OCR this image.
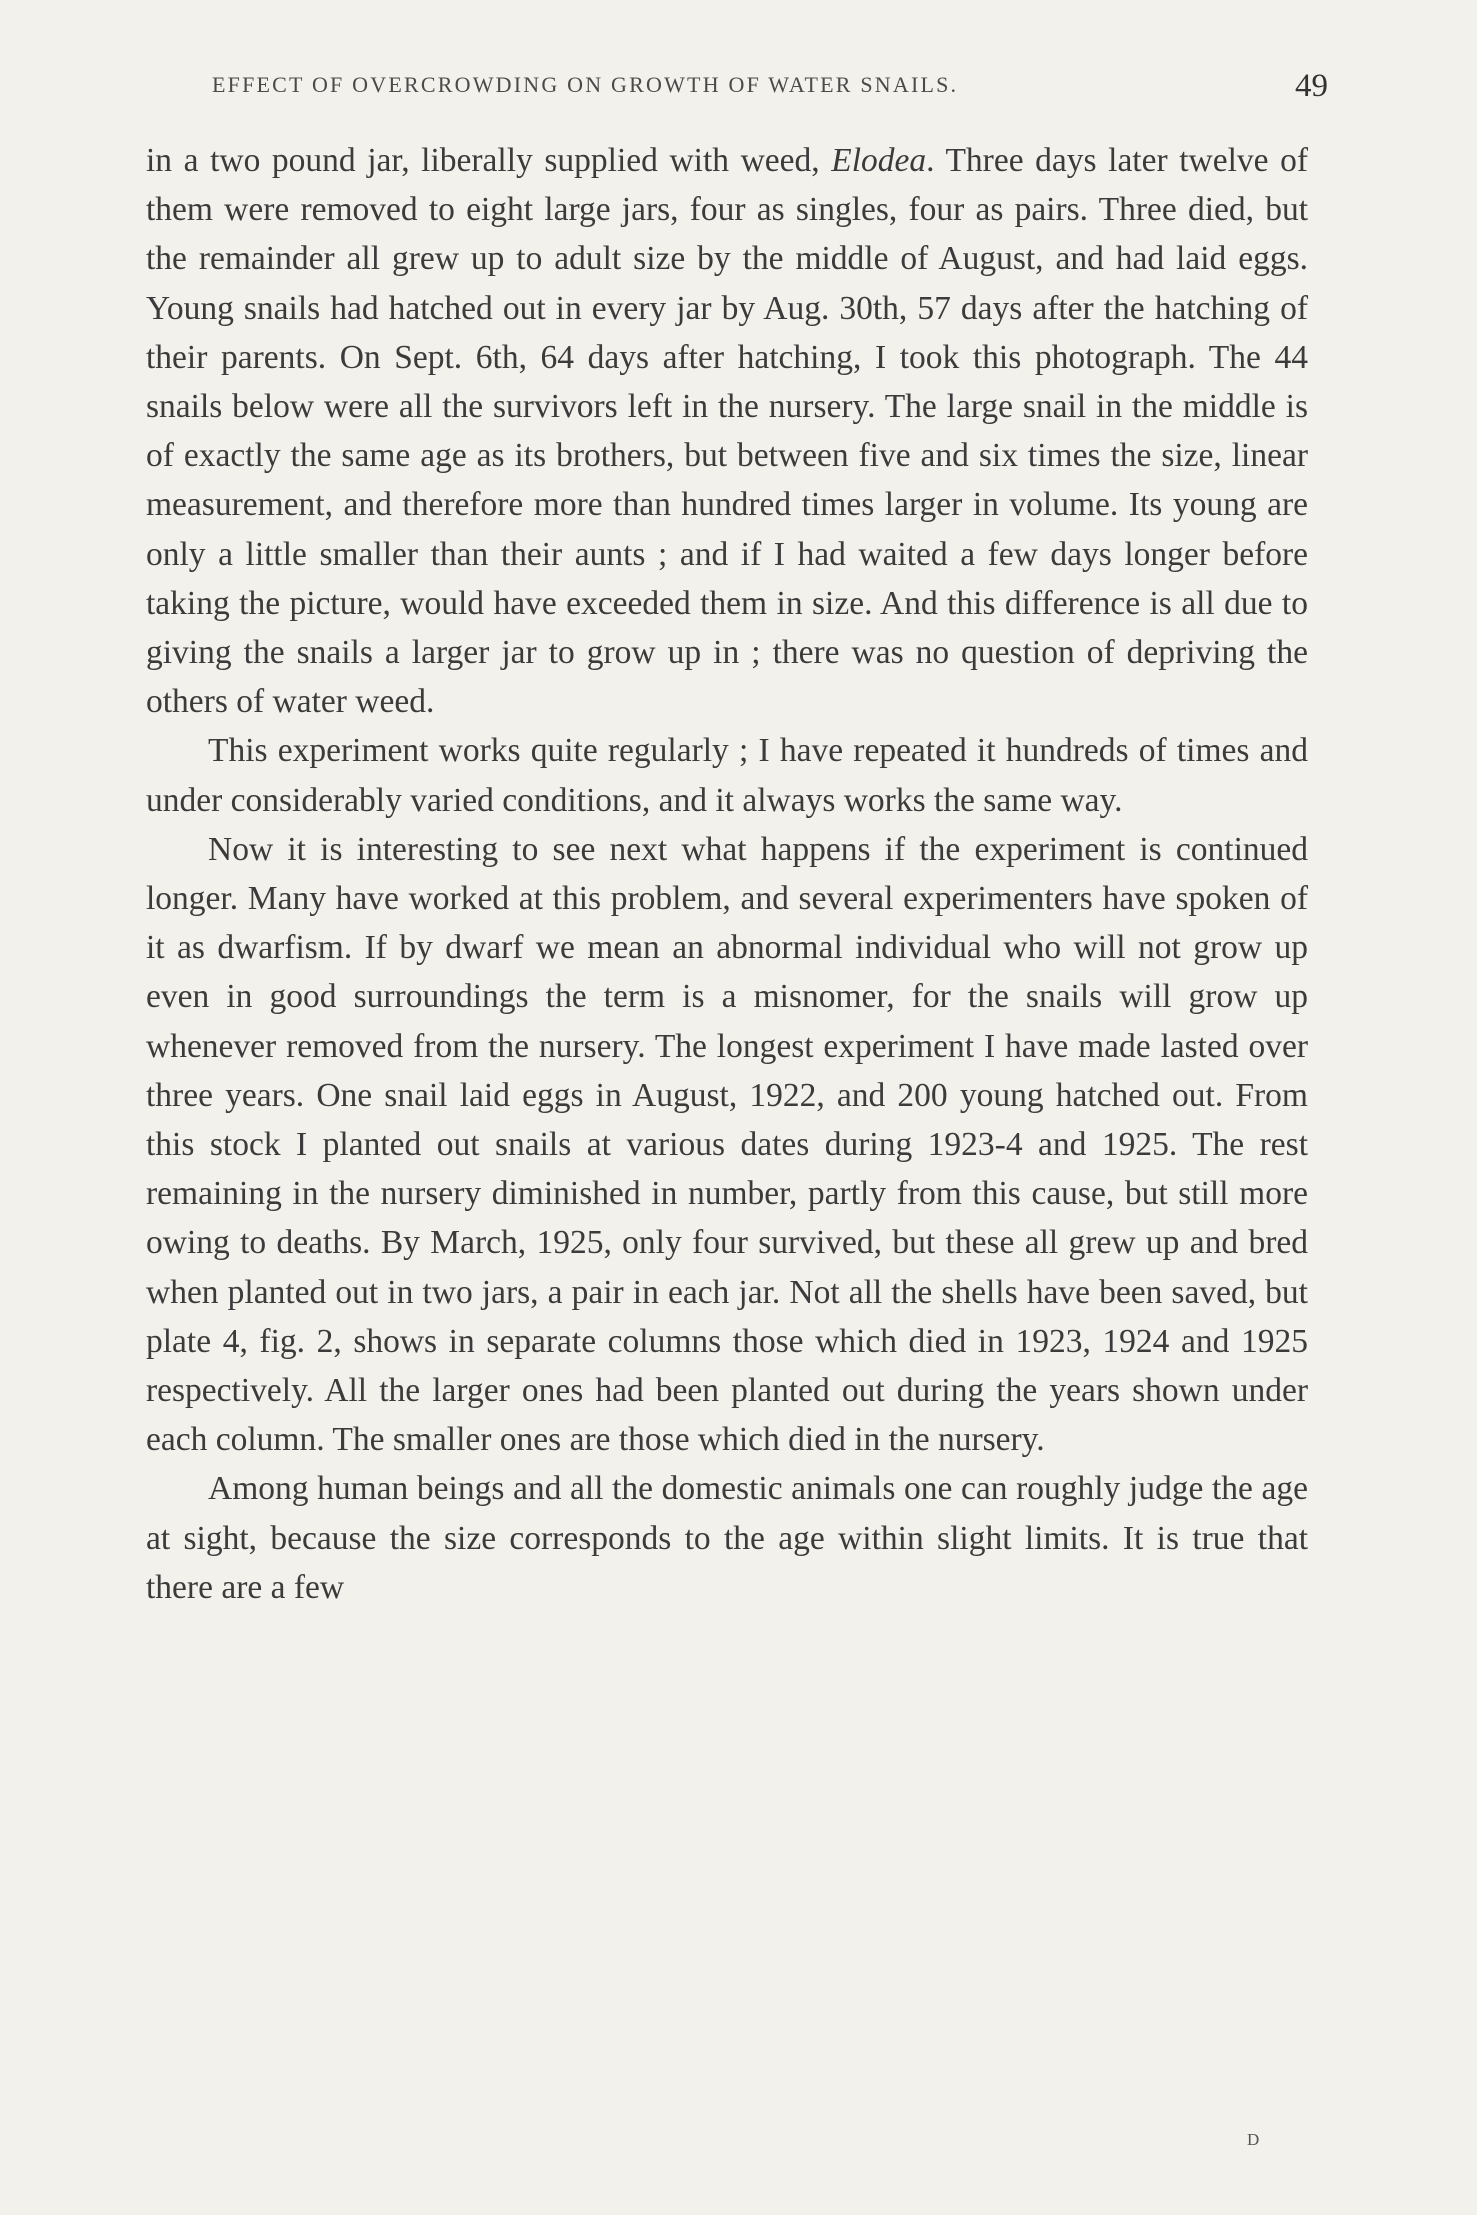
EFFECT OF OVERCROWDING ON GROWTH OF WATER SNAILS.	49

in a two pound jar, liberally supplied with weed, Elodea. Three days later twelve of them were removed to eight large jars, four as singles, four as pairs. Three died, but the remainder all grew up to adult size by the middle of August, and had laid eggs. Young snails had hatched out in every jar by Aug. 30th, 57 days after the hatching of their parents. On Sept. 6th, 64 days after hatching, I took this photograph. The 44 snails below were all the survivors left in the nursery. The large snail in the middle is of exactly the same age as its brothers, but between five and six times the size, linear measurement, and therefore more than hundred times larger in volume. Its young are only a little smaller than their aunts ; and if I had waited a few days longer before taking the picture, would have exceeded them in size. And this difference is all due to giving the snails a larger jar to grow up in ; there was no question of depriving the others of water weed.

This experiment works quite regularly ; I have repeated it hundreds of times and under considerably varied conditions, and it always works the same way.

Now it is interesting to see next what happens if the experiment is continued longer. Many have worked at this problem, and several experimenters have spoken of it as dwarfism. If by dwarf we mean an abnormal individual who will not grow up even in good surroundings the term is a misnomer, for the snails will grow up whenever removed from the nursery. The longest experiment I have made lasted over three years. One snail laid eggs in August, 1922, and 200 young hatched out. From this stock I planted out snails at various dates during 1923-4 and 1925. The rest remaining in the nursery diminished in number, partly from this cause, but still more owing to deaths. By March, 1925, only four survived, but these all grew up and bred when planted out in two jars, a pair in each jar. Not all the shells have been saved, but plate 4, fig. 2, shows in separate columns those which died in 1923, 1924 and 1925 respectively. All the larger ones had been planted out during the years shown under each column. The smaller ones are those which died in the nursery.

Among human beings and all the domestic animals one can roughly judge the age at sight, because the size corresponds to the age within slight limits. It is true that there are a few

D
